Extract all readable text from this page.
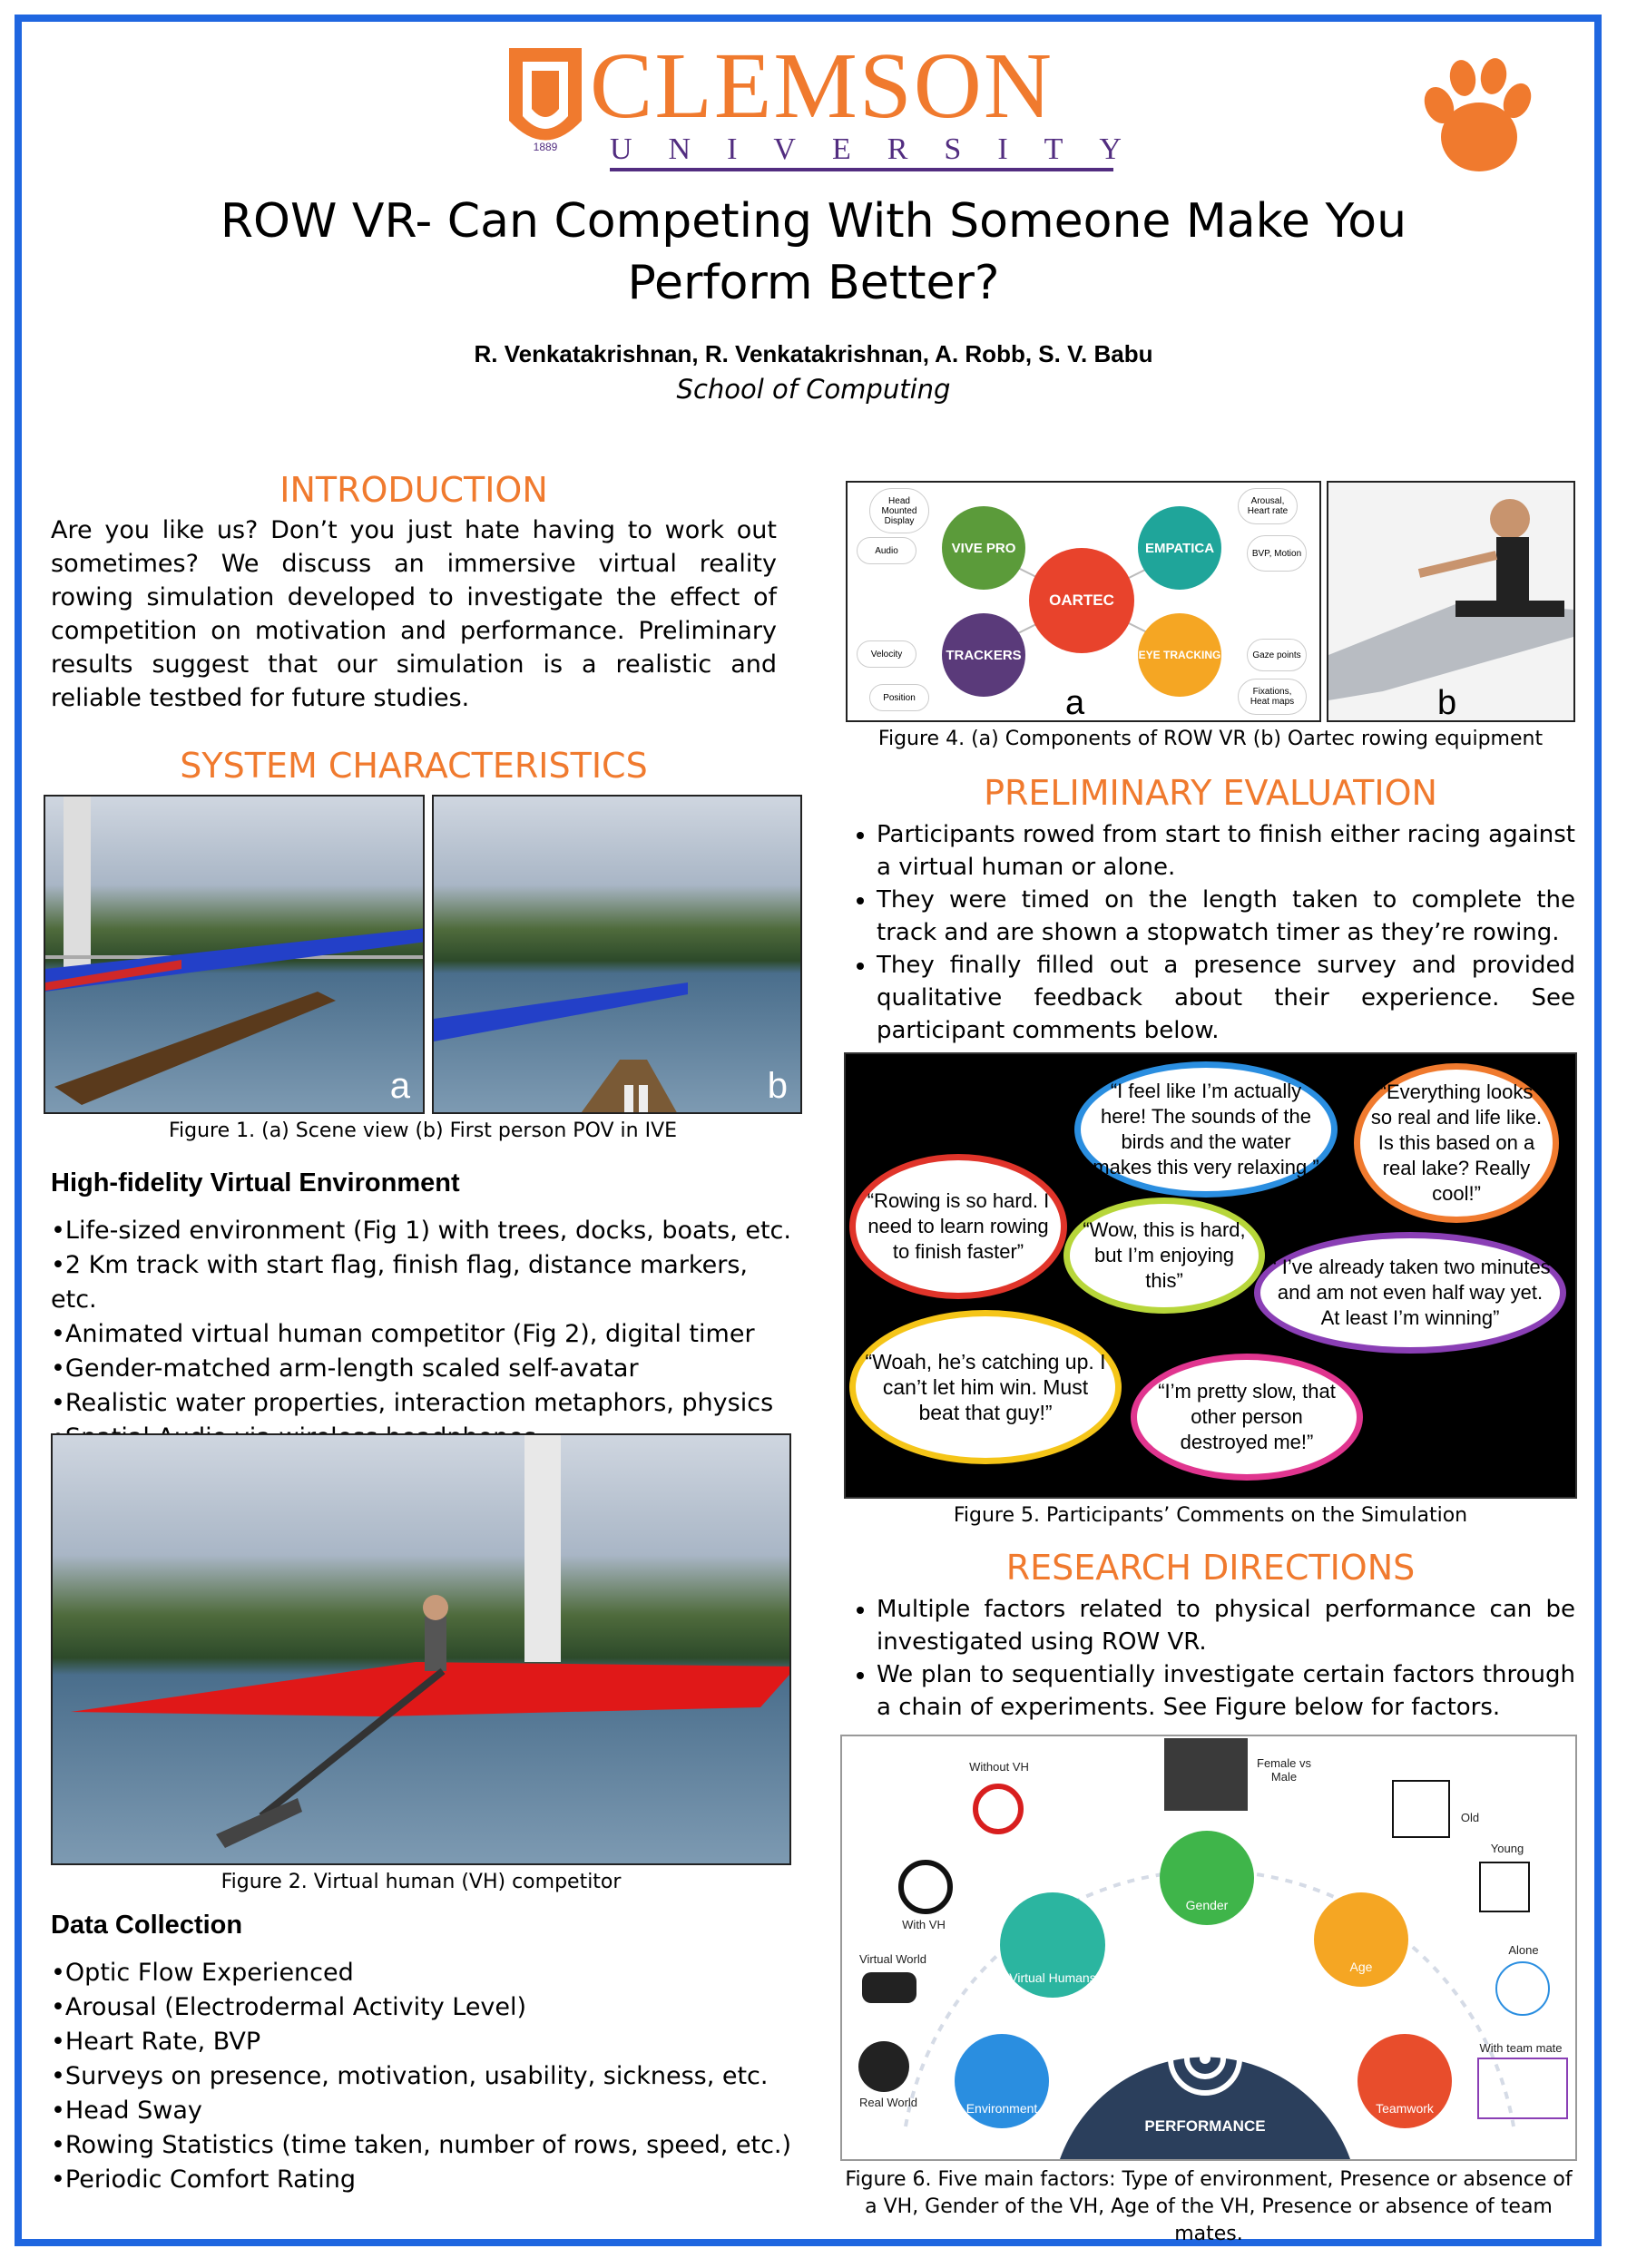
1889
CLEMSON
UNIVERSITY
ROW VR- Can Competing With Someone Make You
Perform Better?
R. Venkatakrishnan, R. Venkatakrishnan, A. Robb, S. V. Babu
School of Computing
INTRODUCTION
Are you like us? Don’t you just hate having to work out sometimes? We discuss an immersive virtual reality rowing simulation developed to investigate the effect of competition on motivation and performance. Preliminary results suggest that our simulation is a realistic and reliable testbed for future studies.
SYSTEM CHARACTERISTICS
a	b
Figure 1. (a) Scene view (b) First person POV in IVE
High-fidelity Virtual Environment
•Life-sized environment (Fig 1) with trees, docks, boats, etc.
•2 Km track with start flag, finish flag, distance markers, etc.
•Animated virtual human competitor (Fig 2), digital timer
•Gender-matched arm-length scaled self-avatar
•Realistic water properties, interaction metaphors, physics
Figure 2. Virtual human (VH) competitor
Data Collection
•Optic Flow Experienced
•Arousal (Electrodermal Activity Level)
•Heart Rate, BVP
•Surveys on presence, motivation, usability, sickness, etc.
•Head Sway
•Rowing Statistics (time taken, number of rows, speed, etc.)
•Periodic Comfort Rating
OARTEC
VIVE PRO	EMPATICA
TRACKERS	EYE TRACKING
Head Mounted Display
Audio
Arousal, Heart rate
BVP, Motion
Velocity
Position
Gaze points
Fixations, Heat maps
a	b
Figure 4. (a) Components of ROW VR (b) Oartec rowing equipment
PRELIMINARY EVALUATION
• Participants rowed from start to finish either racing against a virtual human or alone.
• They were timed on the length taken to complete the track and are shown a stopwatch timer as they’re rowing.
• They finally filled out a presence survey and provided qualitative feedback about their experience. See participant comments below.
“I feel like I’m actually here! The sounds of the birds and the water makes this very relaxing.”
“Everything looks so real and life like. Is this based on a real lake? Really cool!”
“Rowing is so hard. I need to learn rowing to finish faster”
“Wow, this is hard, but I’m enjoying this”
“ I’ve already taken two minutes and am not even half way yet. At least I’m winning”
“Woah, he’s catching up. I can’t let him win. Must beat that guy!”
“I’m pretty slow, that other person destroyed me!”
Figure 5. Participants’ Comments on the Simulation
RESEARCH DIRECTIONS
• Multiple factors related to physical performance can be investigated using ROW VR.
• We plan to sequentially investigate certain factors through a chain of experiments. See Figure below for factors.
PERFORMANCE
Virtual Humans
Gender
Age
Environment	Teamwork
Without VH
With VH
Female vs Male
Old
Young
Virtual World
Real World
Alone
With team mate
Figure 6. Five main factors: Type of environment, Presence or absence of a VH, Gender of the VH, Age of the VH, Presence or absence of team mates.
